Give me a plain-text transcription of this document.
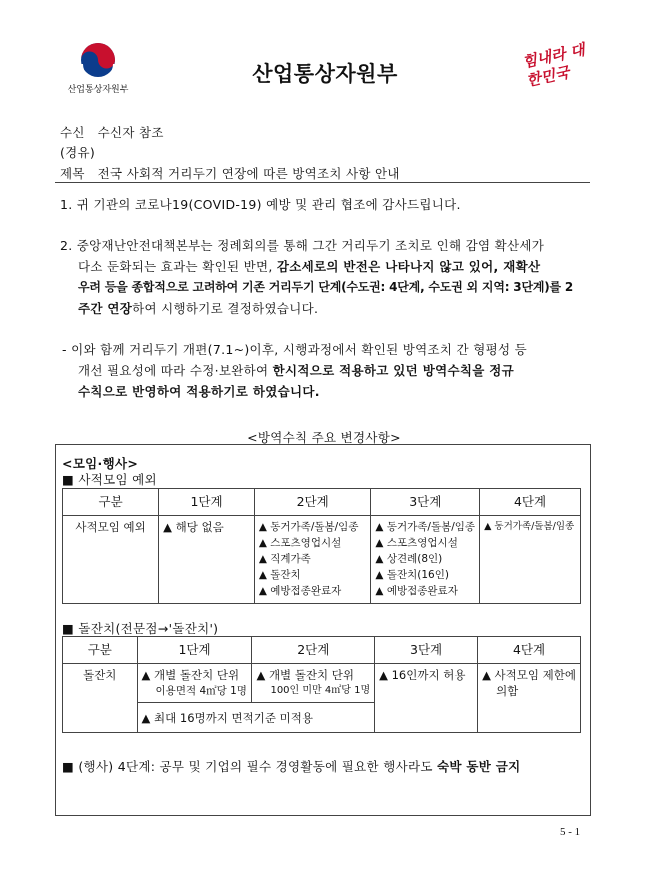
산업통상자원부
산업통상자원부
힘내라 대한민국
수신 수신자 참조
(경유)
제목 전국 사회적 거리두기 연장에 따른 방역조치 사항 안내
1. 귀 기관의 코로나19(COVID-19) 예방 및 관리 협조에 감사드립니다.
2. 중앙재난안전대책본부는 정례회의를 통해 그간 거리두기 조치로 인해 감염 확산세가
다소 둔화되는 효과는 확인된 반면, 감소세로의 반전은 나타나지 않고 있어, 재확산
우려 등을 종합적으로 고려하여 기존 거리두기 단계(수도권: 4단계, 수도권 외 지역: 3단계)를 2
주간 연장하여 시행하기로 결정하였습니다.
- 이와 함께 거리두기 개편(7.1~)이후, 시행과정에서 확인된 방역조치 간 형평성 등
개선 필요성에 따라 수정·보완하여 한시적으로 적용하고 있던 방역수칙을 정규
수칙으로 반영하여 적용하기로 하였습니다.
<방역수칙 주요 변경사항>
<모임·행사>
■ 사적모임 예외
구분	1단계	2단계	3단계	4단계
사적모임 예외	▲ 해당 없음	▲ 동거가족/돌봄/임종
▲ 스포츠영업시설
▲ 직계가족
▲ 돌잔치
▲ 예방접종완료자	▲ 동거가족/돌봄/임종
▲ 스포츠영업시설
▲ 상견례(8인)
▲ 돌잔치(16인)
▲ 예방접종완료자	▲ 동거가족/돌봄/임종
■ 돌잔치(전문점→'돌잔치')
구분	1단계	2단계	3단계	4단계
돌잔치	▲ 개별 돌잔치 단위
이용면적 4㎡당 1명	▲ 개별 돌잔치 단위
100인 미만 4㎡당 1명	▲ 16인까지 허용	▲ 사적모임 제한에
의함

	▲ 최대 16명까지 면적기준 미적용			
■ (행사) 4단계: 공무 및 기업의 필수 경영활동에 필요한 행사라도 숙박 동반 금지
5 - 1
